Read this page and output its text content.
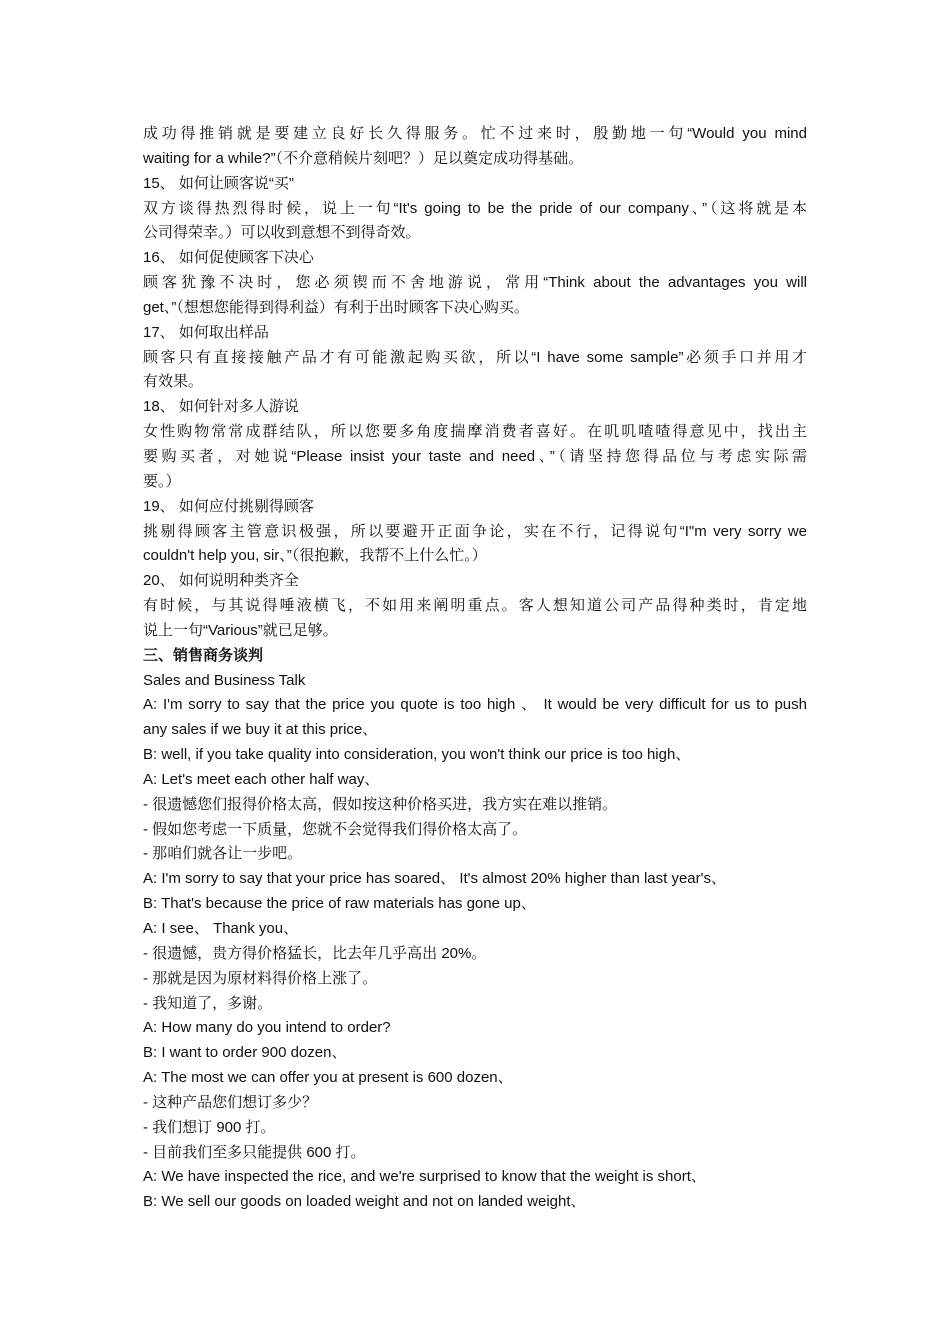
成功得推销就是要建立良好长久得服务。忙不过来时，殷勤地一句“Would you mind
waiting for a while?”（不介意稍候片刻吧？）足以奠定成功得基础。
15、 如何让顾客说“买”
双方谈得热烈得时候，说上一句“It's going to be the pride of our company、”（这将就是本
公司得荣幸。）可以收到意想不到得奇效。
16、 如何促使顾客下决心
顾客犹豫不决时，您必须锲而不舍地游说，常用“Think about the advantages you will
get、”（想想您能得到得利益）有利于出时顾客下决心购买。
17、 如何取出样品
顾客只有直接接触产品才有可能激起购买欲，所以“I have some sample”必须手口并用才
有效果。
18、 如何针对多人游说
女性购物常常成群结队，所以您要多角度揣摩消费者喜好。在叽叽喳喳得意见中，找出主
要购买者，对她说“Please insist your taste and need、”（请坚持您得品位与考虑实际需
要。）
19、 如何应付挑剔得顾客
挑剔得顾客主管意识极强，所以要避开正面争论，实在不行，记得说句“I"m very sorry we
couldn't help you, sir、”（很抱歉，我帮不上什么忙。）
20、 如何说明种类齐全
有时候，与其说得唾液横飞，不如用来阐明重点。客人想知道公司产品得种类时，肯定地
说上一句“Various”就已足够。
三、销售商务谈判
Sales and Business Talk
A: I'm sorry to say that the price you quote is too high 、 It would be very difficult for us to push
any sales if we buy it at this price、
B: well, if you take quality into consideration, you won't think our price is too high、
A: Let's meet each other half way、
- 很遗憾您们报得价格太高，假如按这种价格买进，我方实在难以推销。
- 假如您考虑一下质量，您就不会觉得我们得价格太高了。
- 那咱们就各让一步吧。
A: I'm sorry to say that your price has soared、 It's almost 20% higher than last year's、
B: That's because the price of raw materials has gone up、
A: I see、 Thank you、
- 很遗憾，贵方得价格猛长，比去年几乎高出 20%。
- 那就是因为原材料得价格上涨了。
- 我知道了，多谢。
A: How many do you intend to order?
B: I want to order 900 dozen、
A: The most we can offer you at present is 600 dozen、
- 这种产品您们想订多少？
- 我们想订 900 打。
- 目前我们至多只能提供 600 打。
A: We have inspected the rice, and we're surprised to know that the weight is short、
B: We sell our goods on loaded weight and not on landed weight、
